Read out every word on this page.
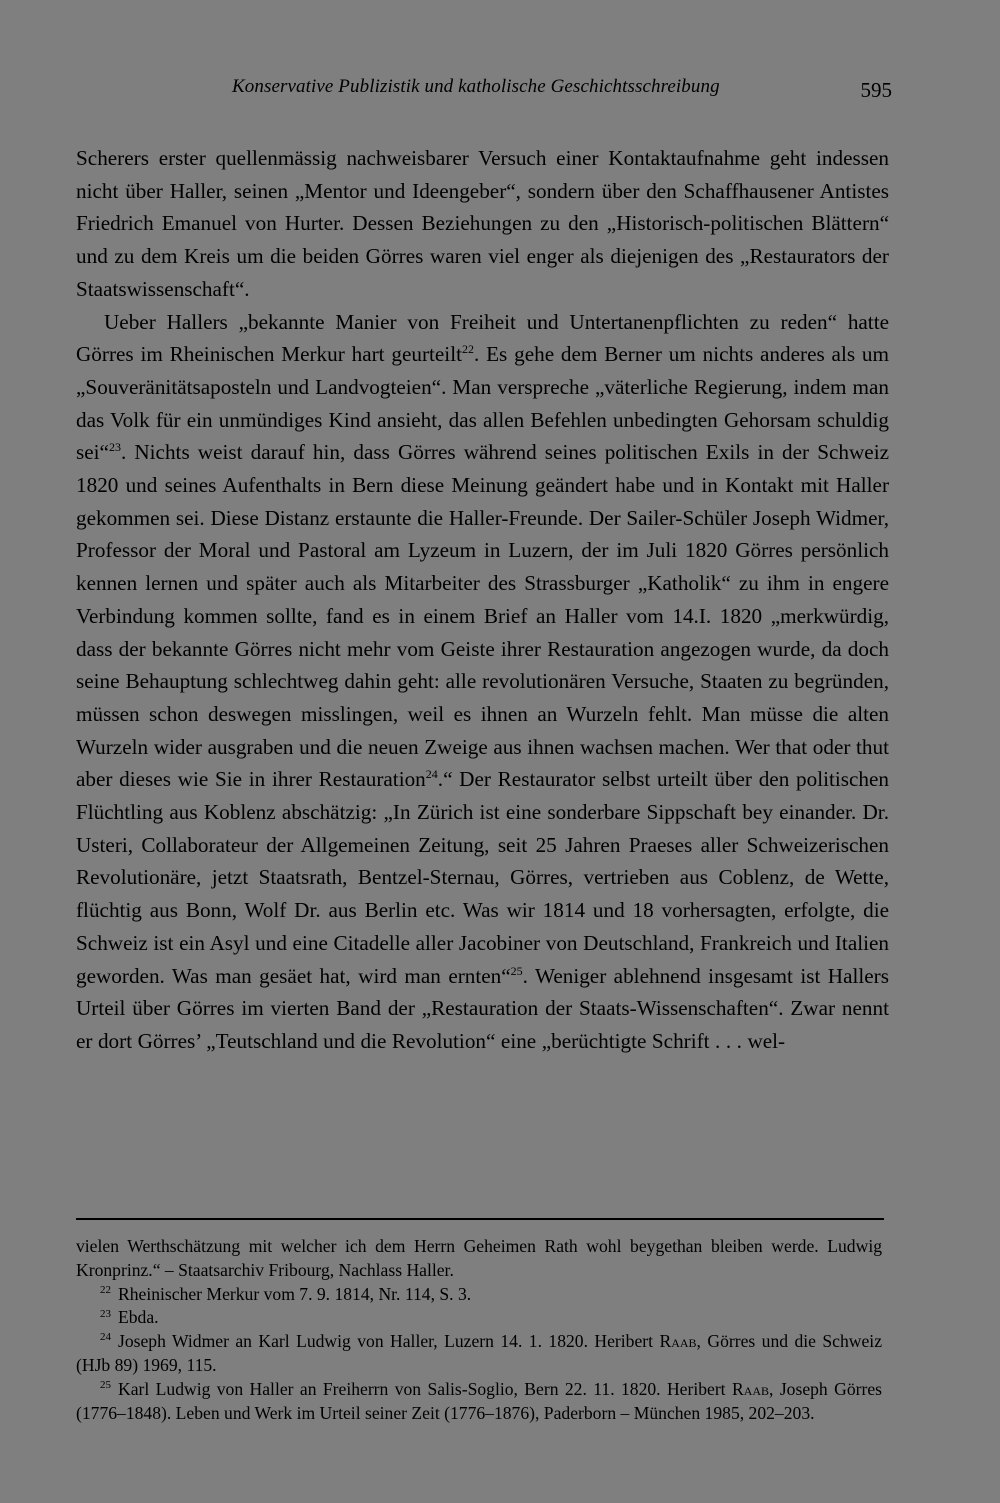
Konservative Publizistik und katholische Geschichtsschreibung	595

Scherers erster quellenmässig nachweisbarer Versuch einer Kontaktaufnahme geht indessen nicht über Haller, seinen „Mentor und Ideengeber“, sondern über den Schaffhausener Antistes Friedrich Emanuel von Hurter. Dessen Beziehungen zu den „Historisch-politischen Blättern“ und zu dem Kreis um die beiden Görres waren viel enger als diejenigen des „Restaurators der Staatswissenschaft“.

Ueber Hallers „bekannte Manier von Freiheit und Untertanenpflichten zu reden“ hatte Görres im Rheinischen Merkur hart geurteilt$^{22}$. Es gehe dem Berner um nichts anderes als um „Souveränitätsaposteln und Landvogteien“. Man verspreche „väterliche Regierung, indem man das Volk für ein unmündiges Kind ansieht, das allen Befehlen unbedingten Gehorsam schuldig sei“$^{23}$. Nichts weist darauf hin, dass Görres während seines politischen Exils in der Schweiz 1820 und seines Aufenthalts in Bern diese Meinung geändert habe und in Kontakt mit Haller gekommen sei. Diese Distanz erstaunte die Haller-Freunde. Der Sailer-Schüler Joseph Widmer, Professor der Moral und Pastoral am Lyzeum in Luzern, der im Juli 1820 Görres persönlich kennen lernen und später auch als Mitarbeiter des Strassburger „Katholik“ zu ihm in engere Verbindung kommen sollte, fand es in einem Brief an Haller vom 14.I. 1820 „merkwürdig, dass der bekannte Görres nicht mehr vom Geiste ihrer Restauration angezogen wurde, da doch seine Behauptung schlechtweg dahin geht: alle revolutionären Versuche, Staaten zu begründen, müssen schon deswegen misslingen, weil es ihnen an Wurzeln fehlt. Man müsse die alten Wurzeln wider ausgraben und die neuen Zweige aus ihnen wachsen machen. Wer that oder thut aber dieses wie Sie in ihrer Restauration$^{24}$.“ Der Restaurator selbst urteilt über den politischen Flüchtling aus Koblenz abschätzig: „In Zürich ist eine sonderbare Sippschaft bey einander. Dr. Usteri, Collaborateur der Allgemeinen Zeitung, seit 25 Jahren Praeses aller Schweizerischen Revolutionäre, jetzt Staatsrath, Bentzel-Sternau, Görres, vertrieben aus Coblenz, de Wette, flüchtig aus Bonn, Wolf Dr. aus Berlin etc. Was wir 1814 und 18 vorhersagten, erfolgte, die Schweiz ist ein Asyl und eine Citadelle aller Jacobiner von Deutschland, Frankreich und Italien geworden. Was man gesäet hat, wird man ernten“$^{25}$. Weniger ablehnend insgesamt ist Hallers Urteil über Görres im vierten Band der „Restauration der Staats-Wissenschaften“. Zwar nennt er dort Görres’ „Teutschland und die Revolution“ eine „berüchtigte Schrift . . . wel-

vielen Werthschätzung mit welcher ich dem Herrn Geheimen Rath wohl beygethan bleiben werde. Ludwig Kronprinz.“ – Staatsarchiv Fribourg, Nachlass Haller.

$^{22}$ Rheinischer Merkur vom 7. 9. 1814, Nr. 114, S. 3.

$^{23}$ Ebda.

$^{24}$ Joseph Widmer an Karl Ludwig von Haller, Luzern 14. 1. 1820. Heribert Raab, Görres und die Schweiz (HJb 89) 1969, 115.

$^{25}$ Karl Ludwig von Haller an Freiherrn von Salis-Soglio, Bern 22. 11. 1820. Heribert Raab, Joseph Görres (1776–1848). Leben und Werk im Urteil seiner Zeit (1776–1876), Paderborn – München 1985, 202–203.
